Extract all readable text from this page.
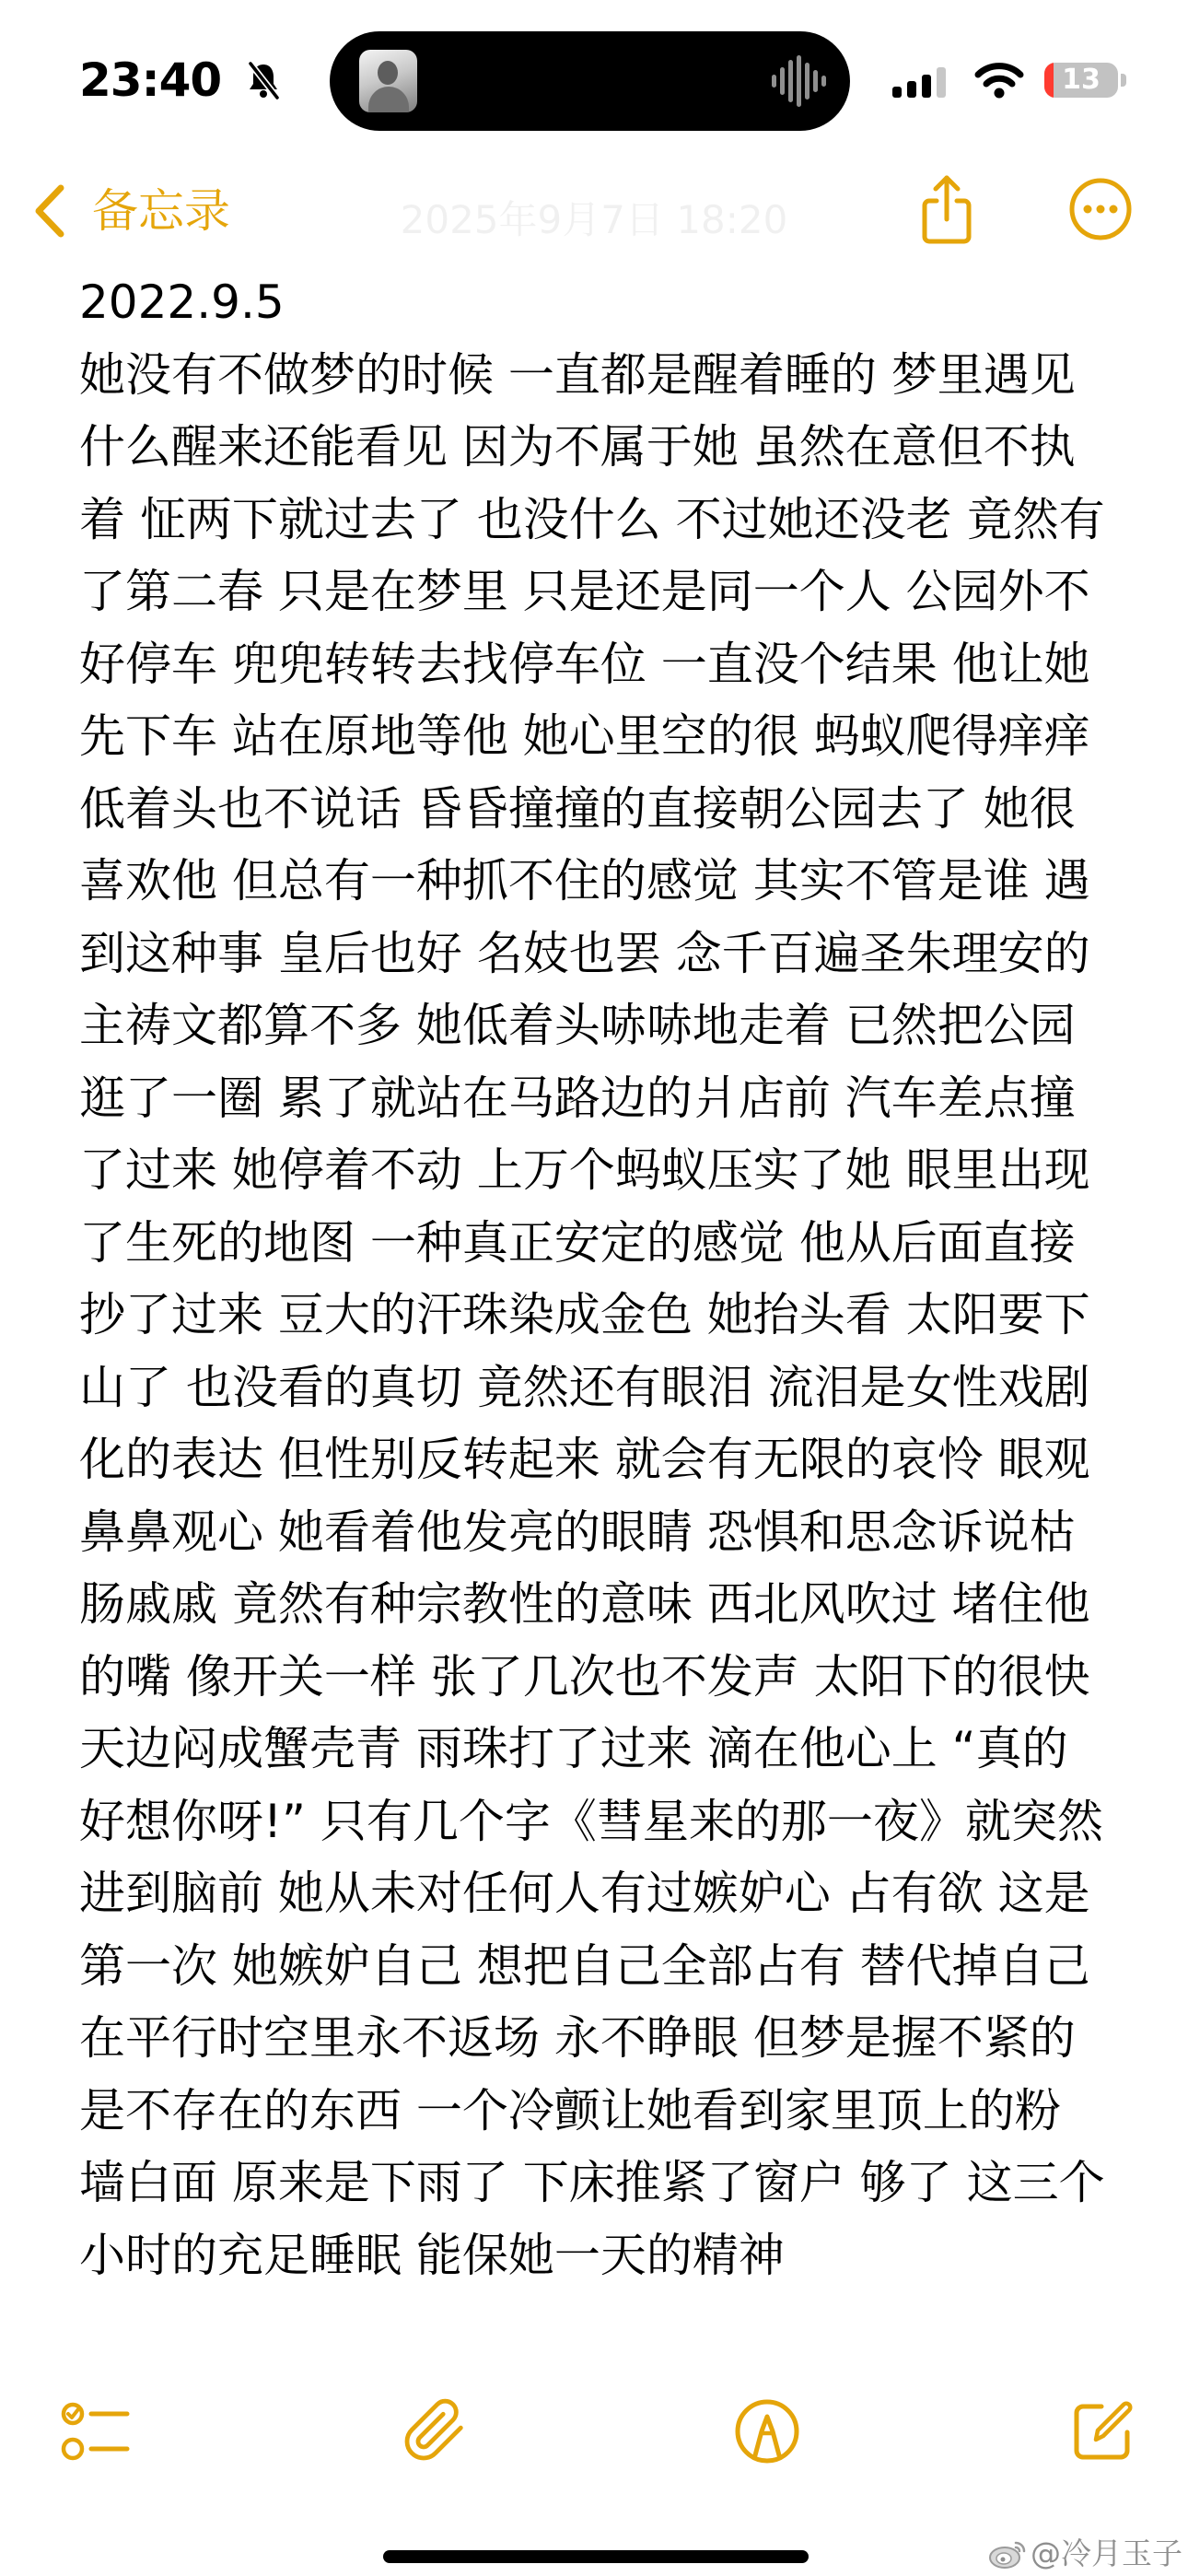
23:40	13
备忘录	2025年9月7日 18:20
2022.9.5
她没有不做梦的时候 一直都是醒着睡的 梦里遇见
什么醒来还能看见 因为不属于她 虽然在意但不执
着 怔两下就过去了 也没什么 不过她还没老 竟然有
了第二春 只是在梦里 只是还是同一个人 公园外不
好停车 兜兜转转去找停车位 一直没个结果 他让她
先下车 站在原地等他 她心里空的很 蚂蚁爬得痒痒
低着头也不说话 昏昏撞撞的直接朝公园去了 她很
喜欢他 但总有一种抓不住的感觉 其实不管是谁 遇
到这种事 皇后也好 名妓也罢 念千百遍圣朱理安的
主祷文都算不多 她低着头哧哧地走着 已然把公园
逛了一圈 累了就站在马路边的爿店前 汽车差点撞
了过来 她停着不动 上万个蚂蚁压实了她 眼里出现
了生死的地图 一种真正安定的感觉 他从后面直接
抄了过来 豆大的汗珠染成金色 她抬头看 太阳要下
山了 也没看的真切 竟然还有眼泪 流泪是女性戏剧
化的表达 但性别反转起来 就会有无限的哀怜 眼观
鼻鼻观心 她看着他发亮的眼睛 恐惧和思念诉说枯
肠戚戚 竟然有种宗教性的意味 西北风吹过 堵住他
的嘴 像开关一样 张了几次也不发声 太阳下的很快
天边闷成蟹壳青 雨珠打了过来 滴在他心上 “真的
好想你呀!” 只有几个字《彗星来的那一夜》就突然
进到脑前 她从未对任何人有过嫉妒心 占有欲 这是
第一次 她嫉妒自己 想把自己全部占有 替代掉自己
在平行时空里永不返场 永不睁眼 但梦是握不紧的
是不存在的东西 一个冷颤让她看到家里顶上的粉
墙白面 原来是下雨了 下床推紧了窗户 够了 这三个
小时的充足睡眠 能保她一天的精神
@冷月玉子
